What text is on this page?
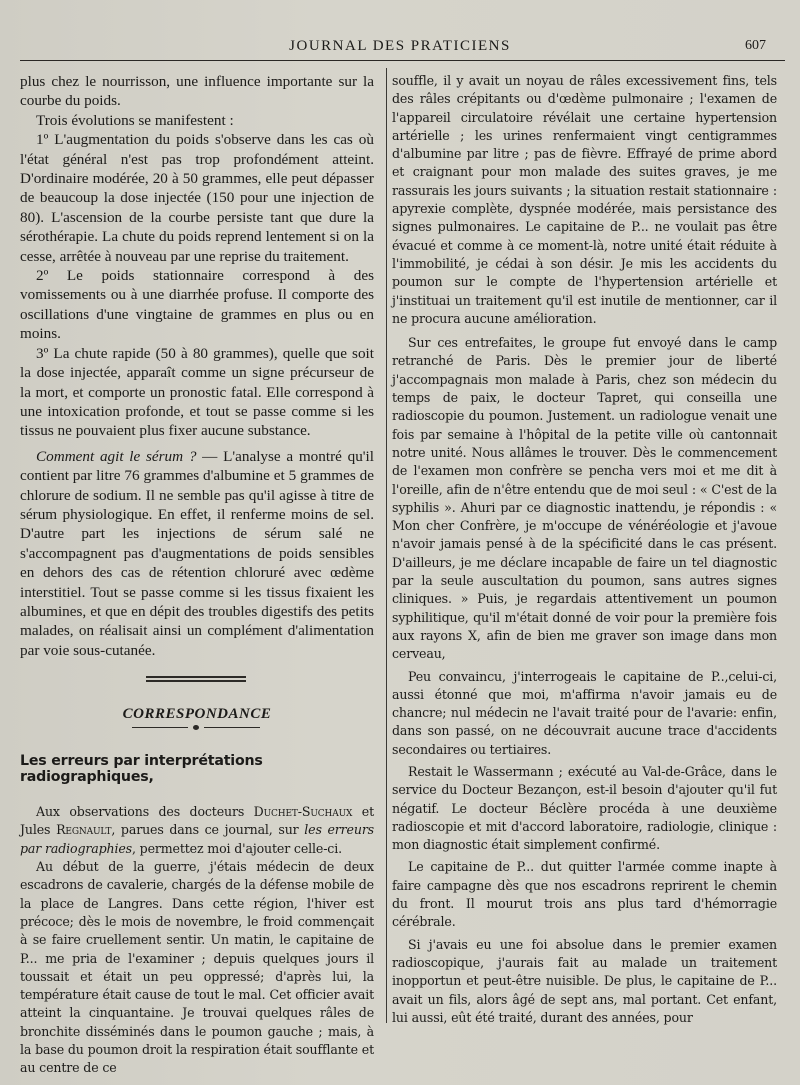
JOURNAL DES PRATICIENS	607

plus chez le nourrisson, une influence importante sur la courbe du poids.

Trois évolutions se manifestent :

1º L'augmentation du poids s'observe dans les cas où l'état général n'est pas trop profondément atteint. D'ordinaire modérée, 20 à 50 grammes, elle peut dépasser de beaucoup la dose injectée (150 pour une injection de 80). L'ascension de la courbe persiste tant que dure la sérothérapie. La chute du poids reprend lentement si on la cesse, arrêtée à nouveau par une reprise du traitement.

2º Le poids stationnaire correspond à des vomissements ou à une diarrhée profuse. Il comporte des oscillations d'une vingtaine de grammes en plus ou en moins.

3º La chute rapide (50 à 80 grammes), quelle que soit la dose injectée, apparaît comme un signe précurseur de la mort, et comporte un pronostic fatal. Elle correspond à une intoxication profonde, et tout se passe comme si les tissus ne pouvaient plus fixer aucune substance.

Comment agit le sérum ? — L'analyse a montré qu'il contient par litre 76 grammes d'albumine et 5 grammes de chlorure de sodium. Il ne semble pas qu'il agisse à titre de sérum physiologique. En effet, il renferme moins de sel. D'autre part les injections de sérum salé ne s'accompagnent pas d'augmentations de poids sensibles en dehors des cas de rétention chloruré avec œdème interstitiel. Tout se passe comme si les tissus fixaient les albumines, et que en dépit des troubles digestifs des petits malades, on réalisait ainsi un complément d'alimentation par voie sous-cutanée.

CORRESPONDANCE
Les erreurs par interprétations radiographiques,

Aux observations des docteurs Duchet-Suchaux et Jules Regnault, parues dans ce journal, sur les erreurs par radiographies, permettez moi d'ajouter celle-ci.

Au début de la guerre, j'étais médecin de deux escadrons de cavalerie, chargés de la défense mobile de la place de Langres. Dans cette région, l'hiver est précoce; dès le mois de novembre, le froid commençait à se faire cruellement sentir. Un matin, le capitaine de P... me pria de l'examiner ; depuis quelques jours il toussait et était un peu oppressé; d'après lui, la température était cause de tout le mal. Cet officier avait atteint la cinquantaine. Je trouvai quelques râles de bronchite disséminés dans le poumon gauche ; mais, à la base du poumon droit la respiration était soufflante et au centre de ce

souffle, il y avait un noyau de râles excessivement fins, tels des râles crépitants ou d'œdème pulmonaire ; l'examen de l'appareil circulatoire révélait une certaine hypertension artérielle ; les urines renfermaient vingt centigrammes d'albumine par litre ; pas de fièvre. Effrayé de prime abord et craignant pour mon malade des suites graves, je me rassurais les jours suivants ; la situation restait stationnaire : apyrexie complète, dyspnée modérée, mais persistance des signes pulmonaires. Le capitaine de P... ne voulait pas être évacué et comme à ce moment-là, notre unité était réduite à l'immobilité, je cédai à son désir. Je mis les accidents du poumon sur le compte de l'hypertension artérielle et j'instituai un traitement qu'il est inutile de mentionner, car il ne procura aucune amélioration.

Sur ces entrefaites, le groupe fut envoyé dans le camp retranché de Paris. Dès le premier jour de liberté j'accompagnais mon malade à Paris, chez son médecin du temps de paix, le docteur Tapret, qui conseilla une radioscopie du poumon. Justement. un radiologue venait une fois par semaine à l'hôpital de la petite ville où cantonnait notre unité. Nous allâmes le trouver. Dès le commencement de l'examen mon confrère se pencha vers moi et me dit à l'oreille, afin de n'être entendu que de moi seul : « C'est de la syphilis ». Ahuri par ce diagnostic inattendu, je répondis : « Mon cher Confrère, je m'occupe de vénéréologie et j'avoue n'avoir jamais pensé à de la spécificité dans le cas présent. D'ailleurs, je me déclare incapable de faire un tel diagnostic par la seule auscultation du poumon, sans autres signes cliniques. » Puis, je regardais attentivement un poumon syphilitique, qu'il m'était donné de voir pour la première fois aux rayons X, afin de bien me graver son image dans mon cerveau,

Peu convaincu, j'interrogeais le capitaine de P..,celui-ci, aussi étonné que moi, m'affirma n'avoir jamais eu de chancre; nul médecin ne l'avait traité pour de l'avarie: enfin, dans son passé, on ne découvrait aucune trace d'accidents secondaires ou tertiaires.

Restait le Wassermann ; exécuté au Val-de-Grâce, dans le service du Docteur Bezançon, est-il besoin d'ajouter qu'il fut négatif. Le docteur Béclère procéda à une deuxième radioscopie et mit d'accord laboratoire, radiologie, clinique : mon diagnostic était simplement confirmé.

Le capitaine de P... dut quitter l'armée comme inapte à faire campagne dès que nos escadrons reprirent le chemin du front. Il mourut trois ans plus tard d'hémorragie cérébrale.

Si j'avais eu une foi absolue dans le premier examen radioscopique, j'aurais fait au malade un traitement inopportun et peut-être nuisible. De plus, le capitaine de P... avait un fils, alors âgé de sept ans, mal portant. Cet enfant, lui aussi, eût été traité, durant des années, pour
